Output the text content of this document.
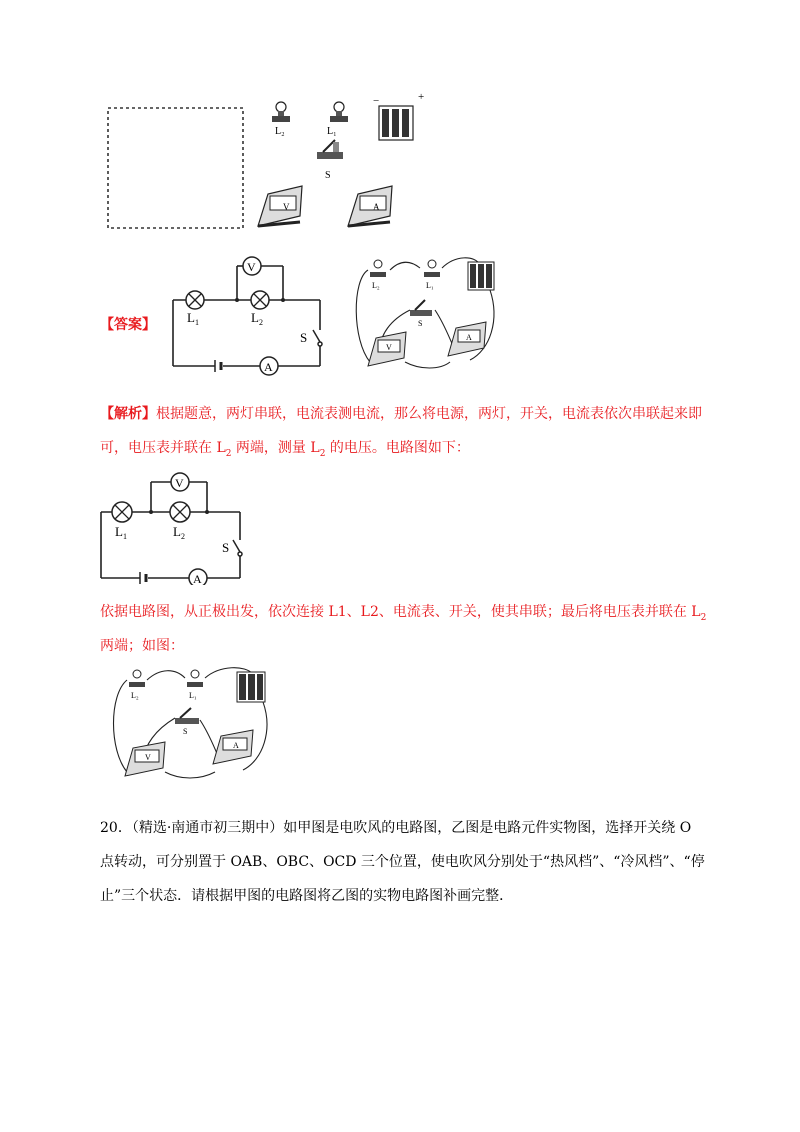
L₂	L₁
S
−	+
V	A
【答案】
V
A
$L_1$	$L_2$
S
L₂	L₁
S
V
A
【解析】根据题意，两灯串联，电流表测电流，那么将电源，两灯，开关，电流表依次串联起来即
可，电压表并联在 $L_2$ 两端，测量 $L_2$ 的电压。电路图如下：
V
A
$L_1$	$L_2$
S
依据电路图，从正极出发，依次连接 L1、L2、电流表、开关，使其串联；最后将电压表并联在 $L_2$
两端；如图：
L₂	L₁
S
V
A
20．（精选·南通市初三期中）如甲图是电吹风的电路图，乙图是电路元件实物图，选择开关绕 O
点转动，可分别置于 OAB、OBC、OCD 三个位置，使电吹风分别处于“热风档”、“冷风档”、“停
止”三个状态．请根据甲图的电路图将乙图的实物电路图补画完整．
